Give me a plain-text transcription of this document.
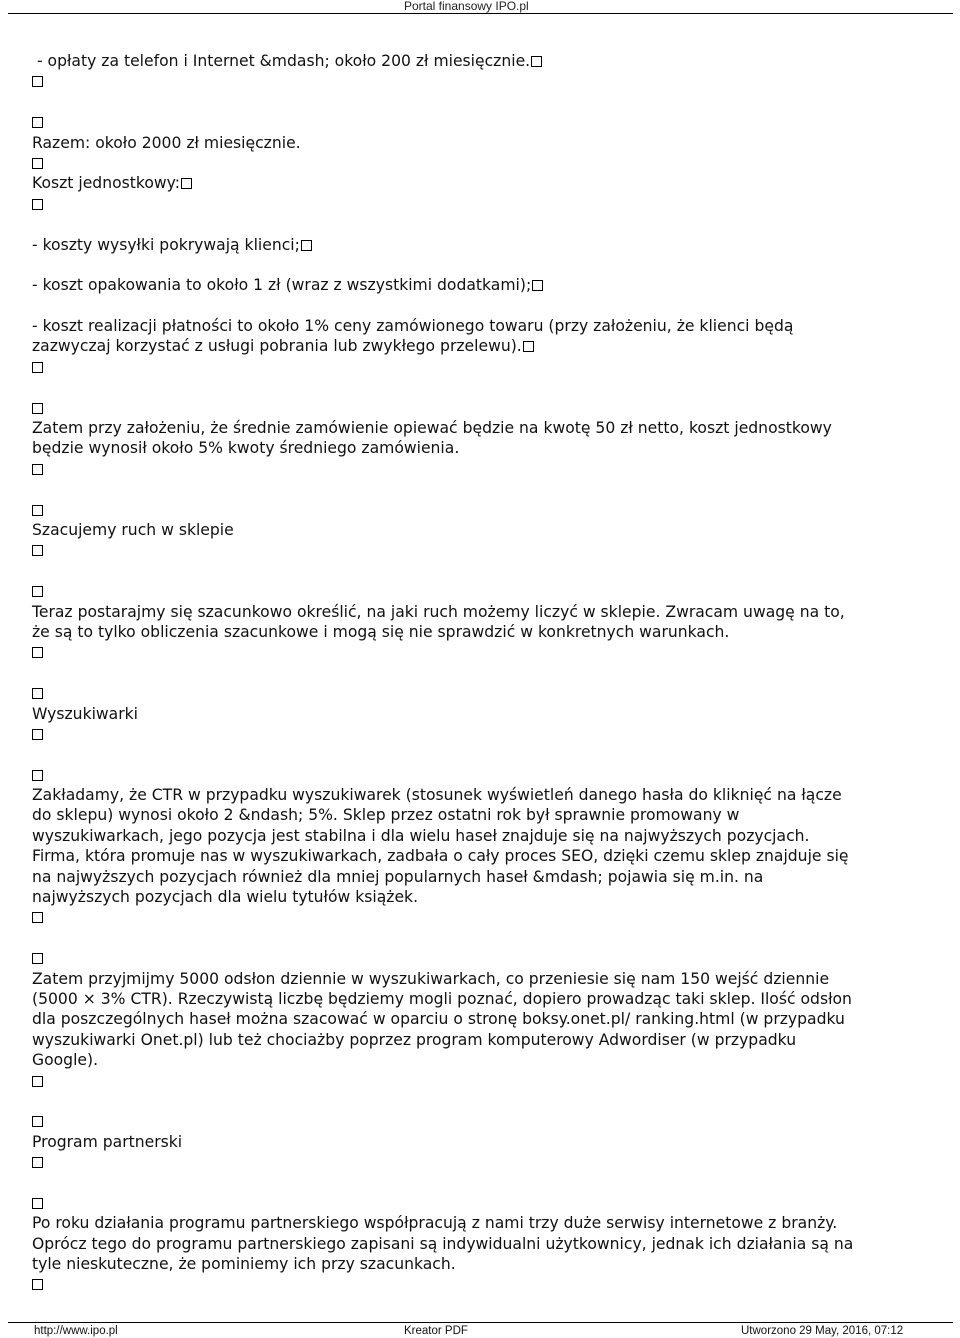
Portal finansowy IPO.pl
- opłaty za telefon i Internet &mdash; około 200 zł miesięcznie.
Razem: około 2000 zł miesięcznie.
Koszt jednostkowy:
- koszty wysyłki pokrywają klienci;
- koszt opakowania to około 1 zł (wraz z wszystkimi dodatkami);
- koszt realizacji płatności to około 1% ceny zamówionego towaru (przy założeniu, że klienci będą
zazwyczaj korzystać z usługi pobrania lub zwykłego przelewu).
Zatem przy założeniu, że średnie zamówienie opiewać będzie na kwotę 50 zł netto, koszt jednostkowy
będzie wynosił około 5% kwoty średniego zamówienia.
Szacujemy ruch w sklepie
Teraz postarajmy się szacunkowo określić, na jaki ruch możemy liczyć w sklepie. Zwracam uwagę na to,
że są to tylko obliczenia szacunkowe i mogą się nie sprawdzić w konkretnych warunkach.
Wyszukiwarki
Zakładamy, że CTR w przypadku wyszukiwarek (stosunek wyświetleń danego hasła do kliknięć na łącze
do sklepu) wynosi około 2 &ndash; 5%. Sklep przez ostatni rok był sprawnie promowany w
wyszukiwarkach, jego pozycja jest stabilna i dla wielu haseł znajduje się na najwyższych pozycjach.
Firma, która promuje nas w wyszukiwarkach, zadbała o cały proces SEO, dzięki czemu sklep znajduje się
na najwyższych pozycjach również dla mniej popularnych haseł &mdash; pojawia się m.in. na
najwyższych pozycjach dla wielu tytułów książek.
Zatem przyjmijmy 5000 odsłon dziennie w wyszukiwarkach, co przeniesie się nam 150 wejść dziennie
(5000 × 3% CTR). Rzeczywistą liczbę będziemy mogli poznać, dopiero prowadząc taki sklep. Ilość odsłon
dla poszczególnych haseł można szacować w oparciu o stronę boksy.onet.pl/ ranking.html (w przypadku
wyszukiwarki Onet.pl) lub też chociażby poprzez program komputerowy Adwordiser (w przypadku
Google).
Program partnerski
Po roku działania programu partnerskiego współpracują z nami trzy duże serwisy internetowe z branży.
Oprócz tego do programu partnerskiego zapisani są indywidualni użytkownicy, jednak ich działania są na
tyle nieskuteczne, że pominiemy ich przy szacunkach.
http://www.ipo.pl	Kreator PDF	Utworzono 29 May, 2016, 07:12
